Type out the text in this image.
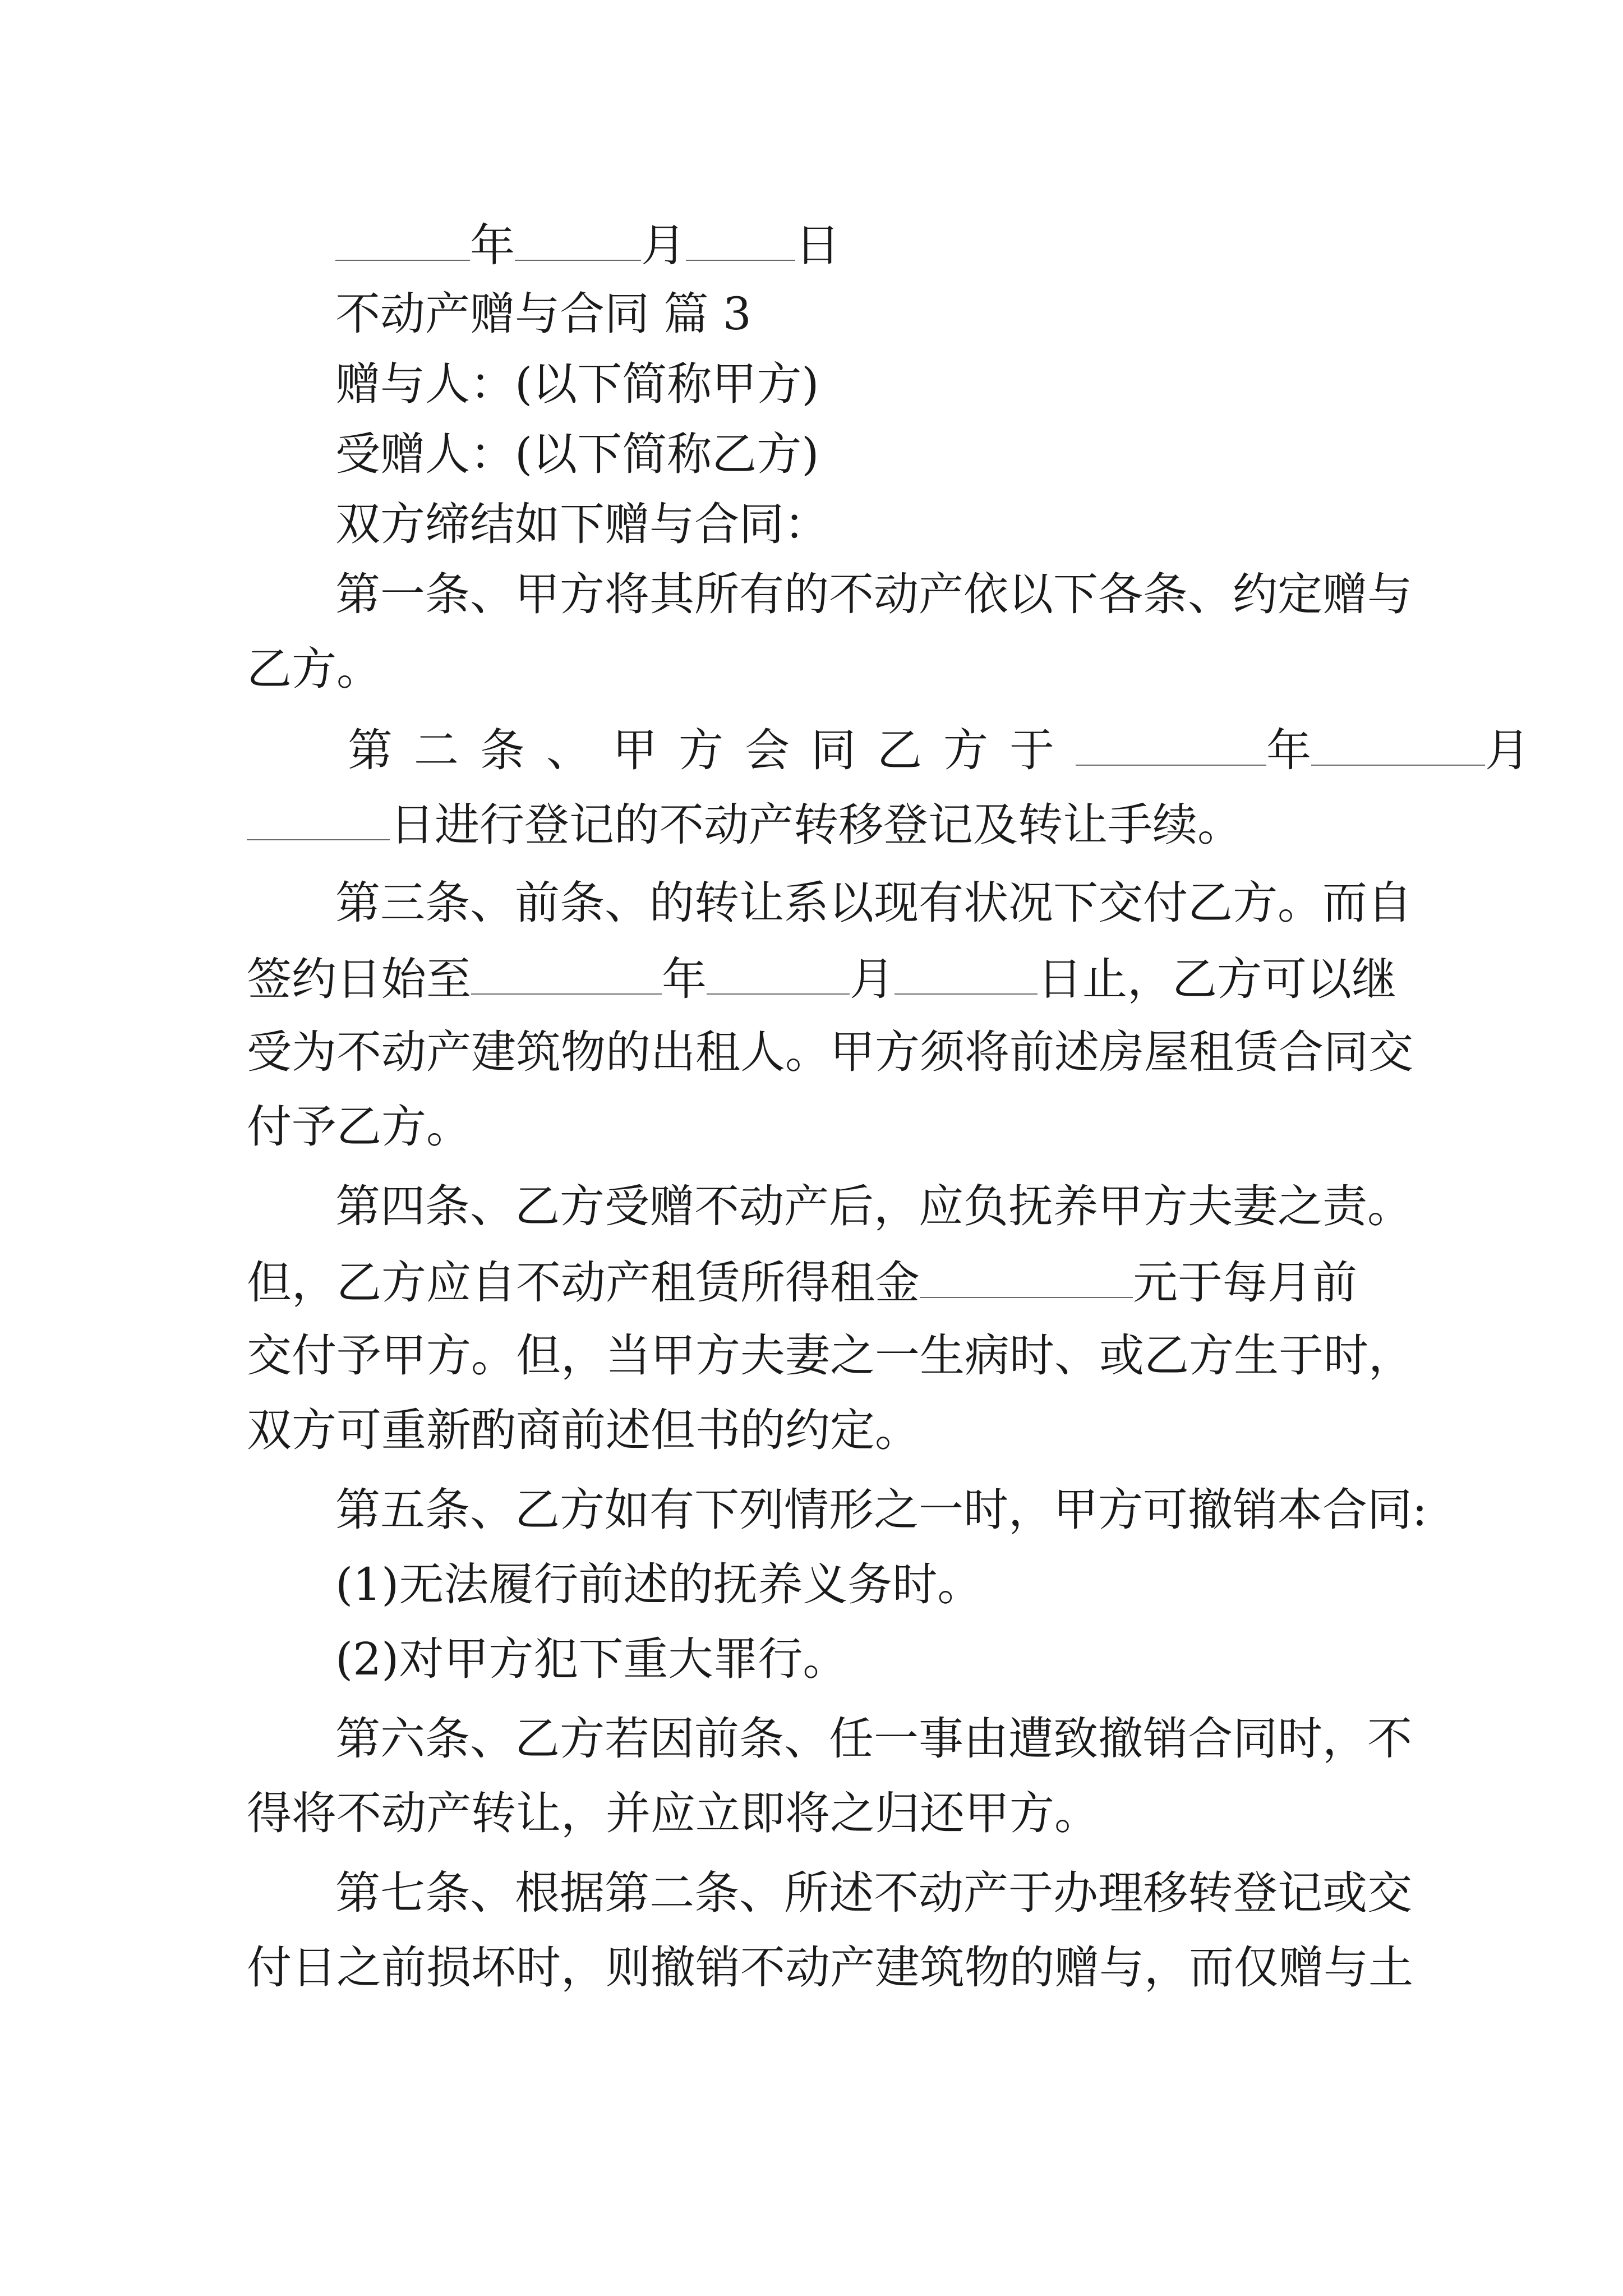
年	月 日
不动产赠与合同 篇 3
赠与人：(以下简称甲方)
受赠人：(以下简称乙方)
双方缔结如下赠与合同：
第一条、甲方将其所有的不动产依以下各条、约定赠与
乙方。
第二条、甲方会同乙方于	年	月
日进行登记的不动产转移登记及转让手续。
第三条、前条、的转让系以现有状况下交付乙方。而自
签约日始至	年	月	日止，乙方可以继
受为不动产建筑物的出租人。甲方须将前述房屋租赁合同交
付予乙方。
第四条、乙方受赠不动产后，应负抚养甲方夫妻之责。
但，乙方应自不动产租赁所得租金	元于每月前
交付予甲方。但，当甲方夫妻之一生病时、或乙方生于时，
双方可重新酌商前述但书的约定。
第五条、乙方如有下列情形之一时，甲方可撤销本合同:
(1)无法履行前述的抚养义务时。
(2)对甲方犯下重大罪行。
第六条、乙方若因前条、任一事由遭致撤销合同时，不
得将不动产转让，并应立即将之归还甲方。
第七条、根据第二条、所述不动产于办理移转登记或交
付日之前损坏时，则撤销不动产建筑物的赠与，而仅赠与土
